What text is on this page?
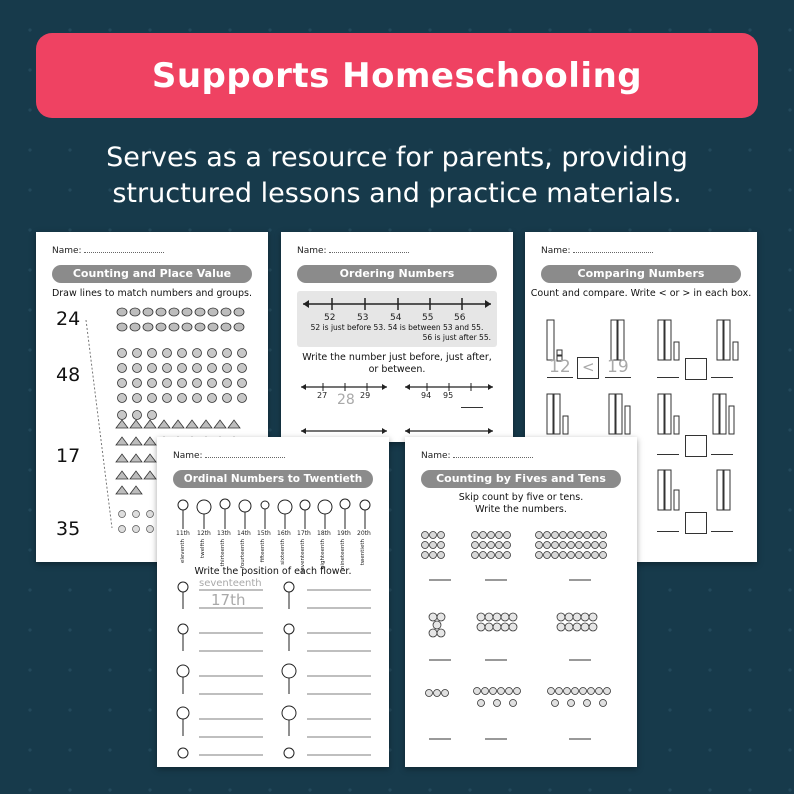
Supports Homeschooling
Serves as a resource for parents, providing
structured lessons and practice materials.
Name:
Counting and Place Value
Draw lines to match numbers and groups.
24
48
17
35
Name:
Ordering Numbers
52 53 54 55 56
52 is just before 53. 54 is between 53 and 55.
56 is just after 55.
Write the number just before, just after,
or between.
27 28 29	94 95
Name:
Comparing Numbers
Count and compare. Write < or > in each box.
12 < 19
Name:
Ordinal Numbers to Twentieth
11th 12th 13th 14th 15th 16th 17th 18th 19th 20th
eleventh	twelfth	thirteenth	fourteenth	fifteenth	sixteenth	seventeenth	eighteenth	nineteenth	twentieth
Write the position of each flower.
seventeenth
17th
Name:
Counting by Fives and Tens
Skip count by five or tens.
Write the numbers.
